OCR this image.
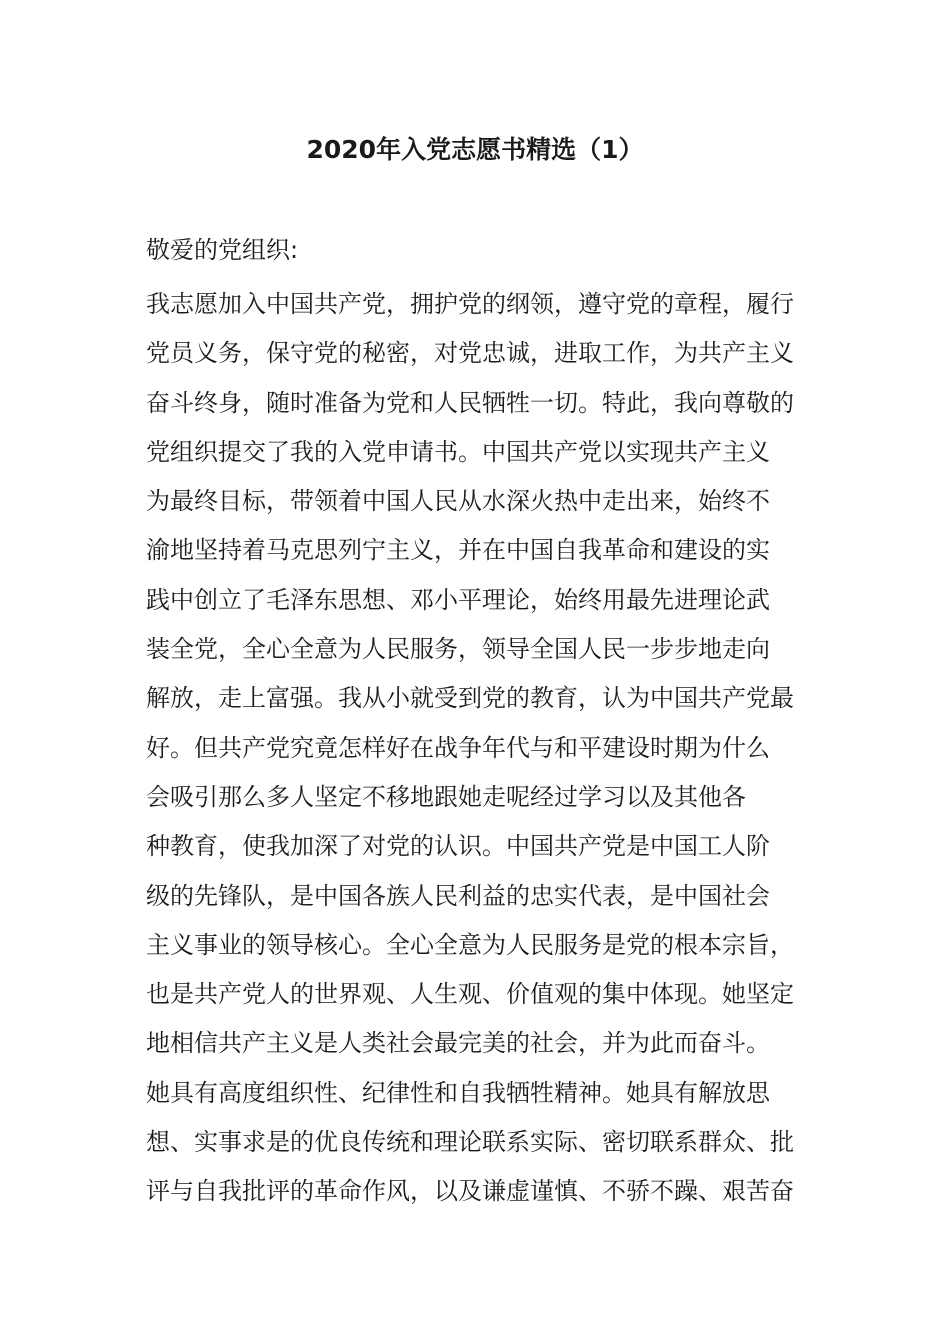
2020年入党志愿书精选（1）

敬爱的党组织:

我志愿加入中国共产党，拥护党的纲领，遵守党的章程，履行
党员义务，保守党的秘密，对党忠诚，进取工作，为共产主义
奋斗终身，随时准备为党和人民牺牲一切。特此，我向尊敬的
党组织提交了我的入党申请书。中国共产党以实现共产主义
为最终目标，带领着中国人民从水深火热中走出来，始终不
渝地坚持着马克思列宁主义，并在中国自我革命和建设的实
践中创立了毛泽东思想、邓小平理论，始终用最先进理论武
装全党，全心全意为人民服务，领导全国人民一步步地走向
解放，走上富强。我从小就受到党的教育，认为中国共产党最
好。但共产党究竟怎样好在战争年代与和平建设时期为什么
会吸引那么多人坚定不移地跟她走呢经过学习以及其他各
种教育，使我加深了对党的认识。中国共产党是中国工人阶
级的先锋队，是中国各族人民利益的忠实代表，是中国社会
主义事业的领导核心。全心全意为人民服务是党的根本宗旨，
也是共产党人的世界观、人生观、价值观的集中体现。她坚定
地相信共产主义是人类社会最完美的社会，并为此而奋斗。
她具有高度组织性、纪律性和自我牺牲精神。她具有解放思
想、实事求是的优良传统和理论联系实际、密切联系群众、批
评与自我批评的革命作风，以及谦虚谨慎、不骄不躁、艰苦奋
